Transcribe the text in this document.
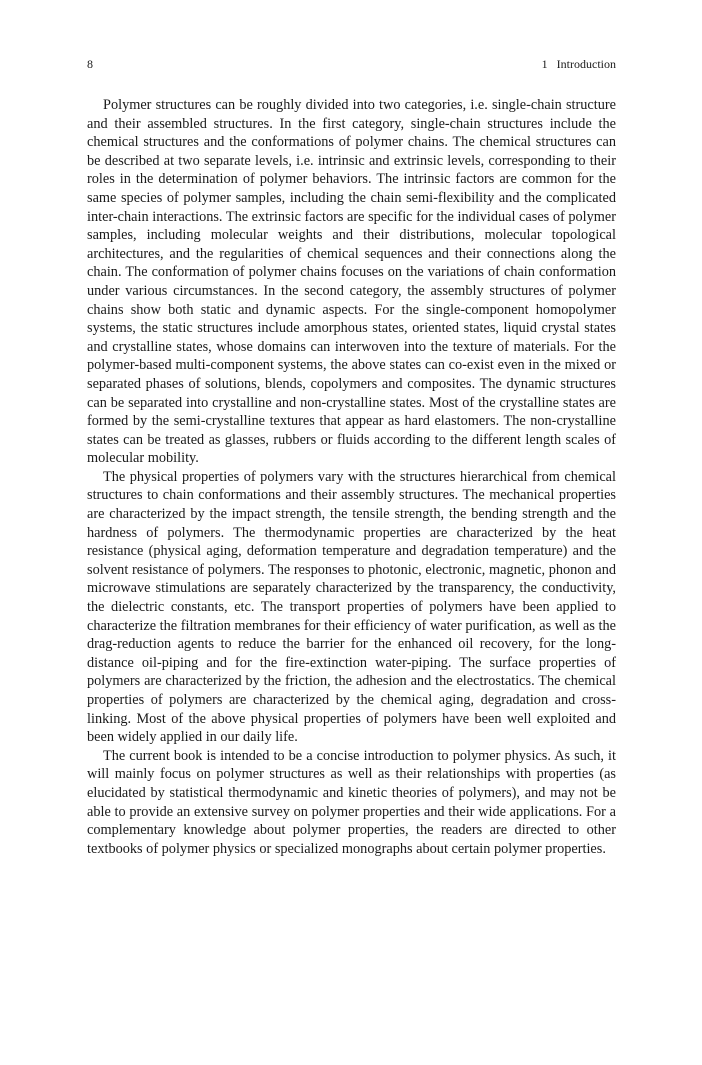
8	1   Introduction

Polymer structures can be roughly divided into two categories, i.e. single-chain structure and their assembled structures. In the first category, single-chain structures include the chemical structures and the conformations of polymer chains. The chemical structures can be described at two separate levels, i.e. intrinsic and extrinsic levels, corresponding to their roles in the determination of polymer behaviors. The intrinsic factors are common for the same species of polymer samples, including the chain semi-flexibility and the complicated inter-chain interactions. The extrinsic factors are specific for the individual cases of polymer samples, including molecular weights and their distributions, molecular topological architectures, and the regularities of chemical sequences and their connections along the chain. The conformation of polymer chains focuses on the variations of chain conformation under various circumstances. In the second category, the assembly structures of polymer chains show both static and dynamic aspects. For the single-component homopolymer systems, the static structures include amorphous states, oriented states, liquid crystal states and crystalline states, whose domains can interwoven into the texture of materials. For the polymer-based multi-component systems, the above states can co-exist even in the mixed or separated phases of solutions, blends, copolymers and composites. The dynamic structures can be separated into crystalline and non-crystalline states. Most of the crystalline states are formed by the semi-crystalline textures that appear as hard elastomers. The non-crystalline states can be treated as glasses, rubbers or fluids according to the different length scales of molecular mobility.

The physical properties of polymers vary with the structures hierarchical from chemical structures to chain conformations and their assembly structures. The mechanical properties are characterized by the impact strength, the tensile strength, the bending strength and the hardness of polymers. The thermodynamic properties are characterized by the heat resistance (physical aging, deformation temperature and degradation temperature) and the solvent resistance of polymers. The responses to photonic, electronic, magnetic, phonon and microwave stimulations are separately characterized by the transparency, the conductivity, the dielectric constants, etc. The transport properties of polymers have been applied to characterize the filtration membranes for their efficiency of water purification, as well as the drag-reduction agents to reduce the barrier for the enhanced oil recovery, for the long-distance oil-piping and for the fire-extinction water-piping. The surface properties of polymers are characterized by the friction, the adhesion and the electrostatics. The chemical properties of polymers are characterized by the chemical aging, degradation and cross-linking. Most of the above physical properties of polymers have been well exploited and been widely applied in our daily life.

The current book is intended to be a concise introduction to polymer physics. As such, it will mainly focus on polymer structures as well as their relationships with properties (as elucidated by statistical thermodynamic and kinetic theories of polymers), and may not be able to provide an extensive survey on polymer properties and their wide applications. For a complementary knowledge about polymer properties, the readers are directed to other textbooks of polymer physics or specialized monographs about certain polymer properties.
